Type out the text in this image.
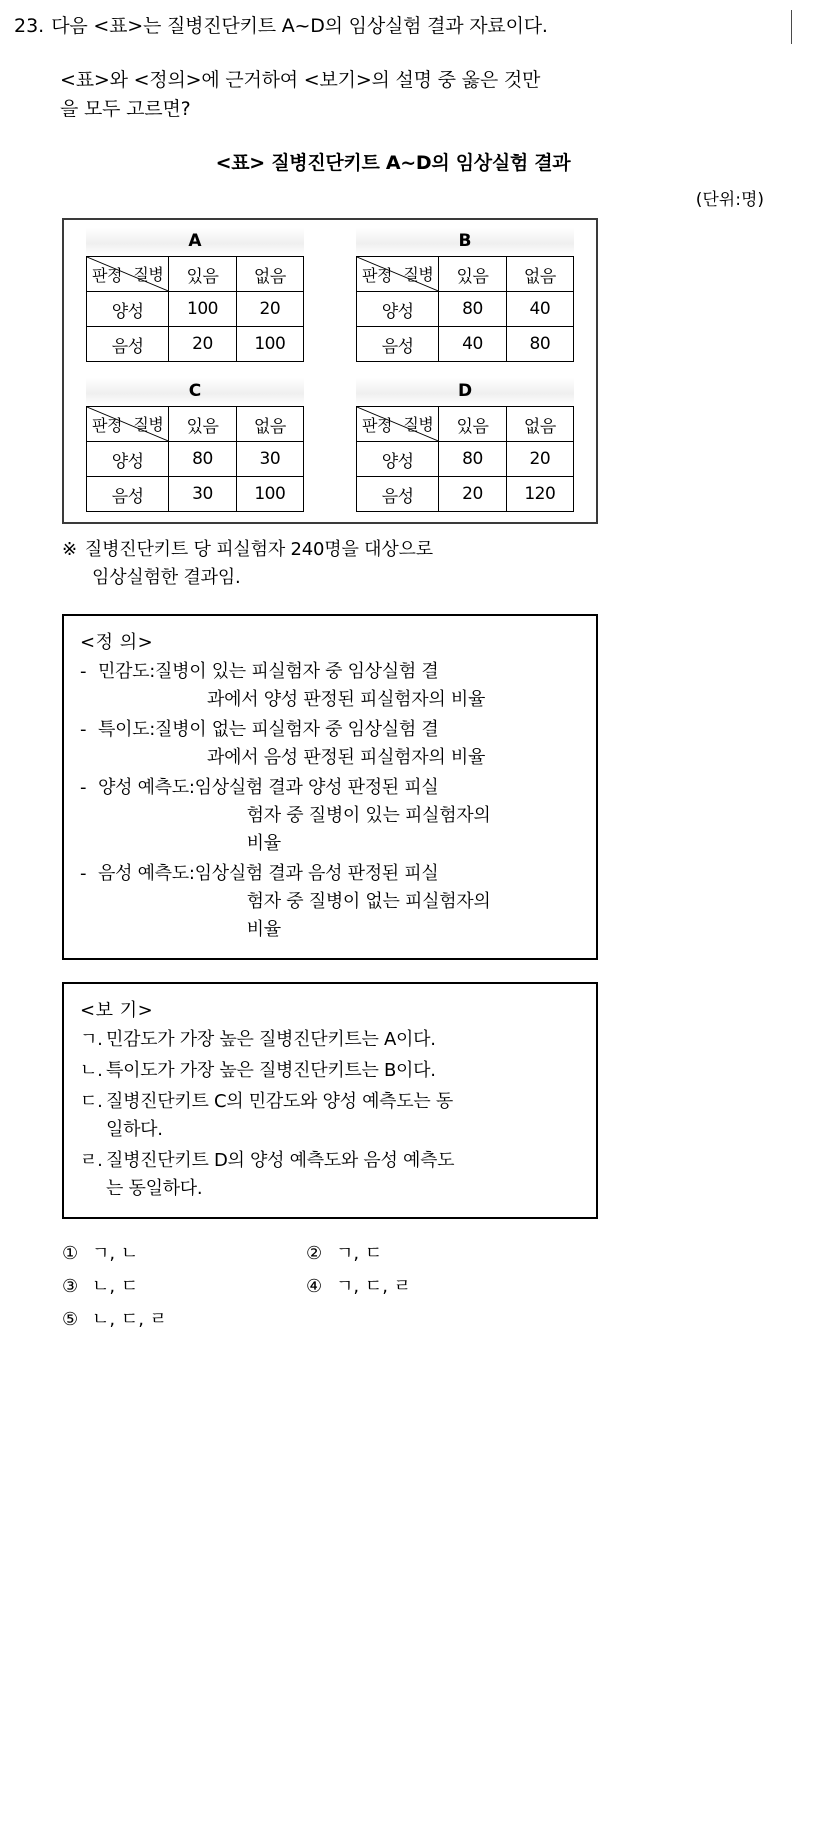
23. 다음 <표>는 질병진단키트 A~D의 임상실험 결과 자료이다.
<표>와 <정의>에 근거하여 <보기>의 설명 중 옳은 것만
을 모두 고르면?
<표> 질병진단키트 A~D의 임상실험 결과
(단위:명)
A
질병
판정	있음	없음
양성	100	20
음성	20	100
B
질병
판정	있음	없음
양성	80	40
음성	40	80
C
질병
판정	있음	없음
양성	80	30
음성	30	100
D
질병
판정	있음	없음
양성	80	20
음성	20	120
※ 질병진단키트 당 피실험자 240명을 대상으로
임상실험한 결과임.
<정 의>
- 민감도: 질병이 있는 피실험자 중 임상실험 결
과에서 양성 판정된 피실험자의 비율
- 특이도: 질병이 없는 피실험자 중 임상실험 결
과에서 음성 판정된 피실험자의 비율
- 양성 예측도: 임상실험 결과 양성 판정된 피실
험자 중 질병이 있는 피실험자의
비율
- 음성 예측도: 임상실험 결과 음성 판정된 피실
험자 중 질병이 없는 피실험자의
비율
<보 기>
ㄱ. 민감도가 가장 높은 질병진단키트는 A이다.
ㄴ. 특이도가 가장 높은 질병진단키트는 B이다.
ㄷ. 질병진단키트 C의 민감도와 양성 예측도는 동
일하다.
ㄹ. 질병진단키트 D의 양성 예측도와 음성 예측도
는 동일하다.
① ㄱ, ㄴ	② ㄱ, ㄷ
③ ㄴ, ㄷ	④ ㄱ, ㄷ, ㄹ
⑤ ㄴ, ㄷ, ㄹ
